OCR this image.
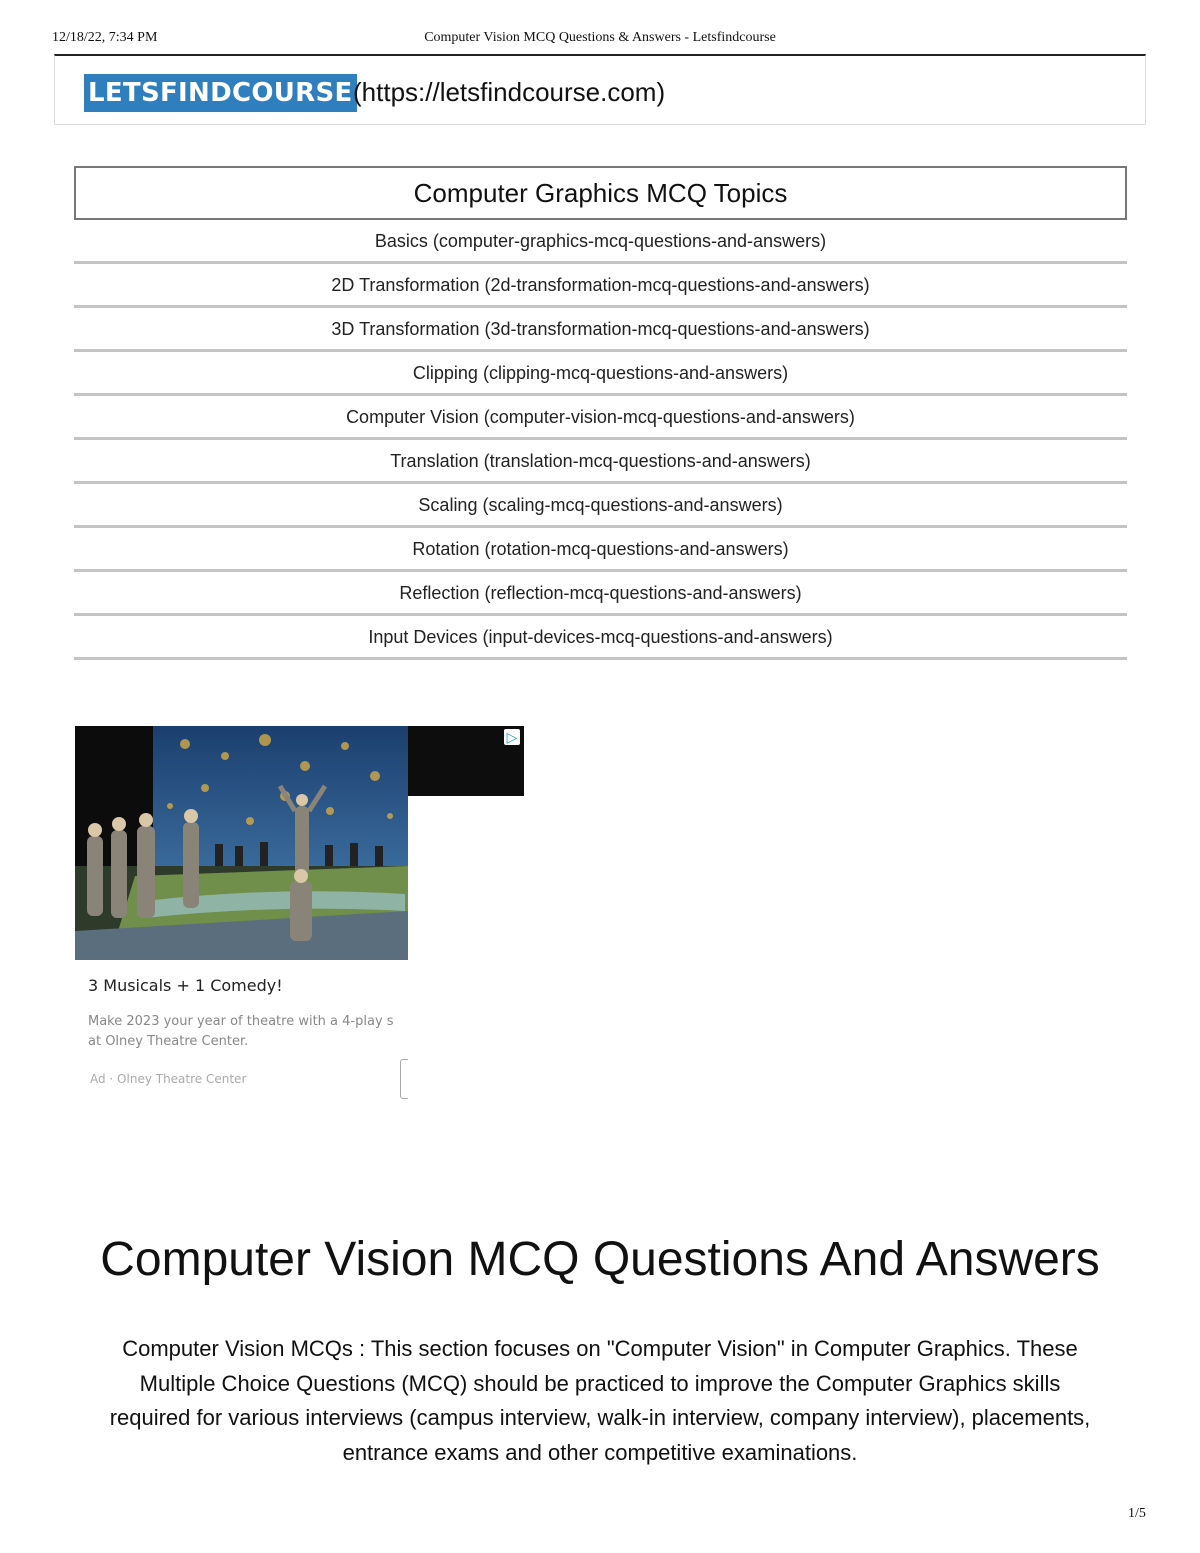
12/18/22, 7:34 PM	Computer Vision MCQ Questions & Answers - Letsfindcourse
LETSFINDCOURSE (https://letsfindcourse.com)
Computer Graphics MCQ Topics
Basics (computer-graphics-mcq-questions-and-answers)
2D Transformation (2d-transformation-mcq-questions-and-answers)
3D Transformation (3d-transformation-mcq-questions-and-answers)
Clipping (clipping-mcq-questions-and-answers)
Computer Vision (computer-vision-mcq-questions-and-answers)
Translation (translation-mcq-questions-and-answers)
Scaling (scaling-mcq-questions-and-answers)
Rotation (rotation-mcq-questions-and-answers)
Reflection (reflection-mcq-questions-and-answers)
Input Devices (input-devices-mcq-questions-and-answers)
▷
3 Musicals + 1 Comedy!
Make 2023 your year of theatre with a 4-play s at Olney Theatre Center.
Ad · Olney Theatre Center
Computer Vision MCQ Questions And Answers

Computer Vision MCQs : This section focuses on "Computer Vision" in Computer Graphics. These Multiple Choice Questions (MCQ) should be practiced to improve the Computer Graphics skills required for various interviews (campus interview, walk-in interview, company interview), placements, entrance exams and other competitive examinations.

1/5
